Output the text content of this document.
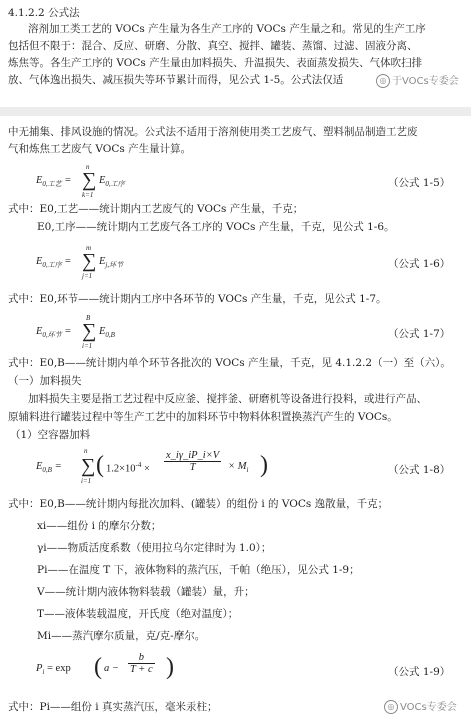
4.1.2.2 公式法
溶剂加工类工艺的 VOCs 产生量为各生产工序的 VOCs 产生量之和。常见的生产工序
包括但不限于：混合、反应、研磨、分散、真空、搅拌、罐装、蒸馏、过滤、固液分离、
炼焦等。各生产工序的 VOCs 产生量由加料损失、升温损失、表面蒸发损失、气体吹扫排
放、气体逸出损失、减压损失等环节累计而得，见公式 1-5。公式法仅适	◎ 于VOCs专委会
中无捕集、排风设施的情况。公式法不适用于溶剂使用类工艺废气、塑料制品制造工艺废
气和炼焦工艺废气 VOCs 产生量计算。
$E_{0,工艺}$ =
n
∑
k=1
$E_{0,工序}$	（公式 1-5）
式中：E0,工艺——统计期内工艺废气的 VOCs 产生量，千克；
E0,工序——统计期内工艺废气各工序的 VOCs 产生量，千克，见公式 1-6。
$E_{0,工序}$ =
m
∑
j=1
$E_{j,环节}$	（公式 1-6）
式中：E0,环节——统计期内工序中各环节的 VOCs 产生量，千克，见公式 1-7。
$E_{0,环节}$ =
B
∑
i=1
$E_{0,B}$	（公式 1-7）
式中：E0,B——统计期内单个环节各批次的 VOCs 产生量，千克，见 4.1.2.2（一）至（六）。
（一）加料损失
加料损失主要是指工艺过程中反应釜、搅拌釜、研磨机等设备进行投料，或进行产品、
原辅料进行罐装过程中等生产工艺中的加料环节中物料体积置换蒸汽产生的 VOCs。
（1）空容器加料
$E_{0,B}$ =
n
∑
i=1
( $1.2\times 10^{-4} \times \frac{x\_i\gamma\_iP\_i\times V}{T} \times M_i$ )	（公式 1-8）
式中：E0,B——统计期内每批次加料、(罐装）的组份 i 的 VOCs 逸散量，千克；
xi——组份 i 的摩尔分数；
γi——物质活度系数（使用拉乌尔定律时为 1.0）；
Pi——在温度 T 下，液体物料的蒸汽压，千帕（绝压），见公式 1-9；
V——统计期内液体物料装载（罐装）量，升；
T——液体装载温度，开氏度（绝对温度）；
Mi——蒸汽摩尔质量，克/克-摩尔。
$P_i = \exp$ ( $a - \frac{b}{T + c}$ )	（公式 1-9）
式中：Pi——组份 i 真实蒸汽压，毫米汞柱；	◎ VOCs专委会
